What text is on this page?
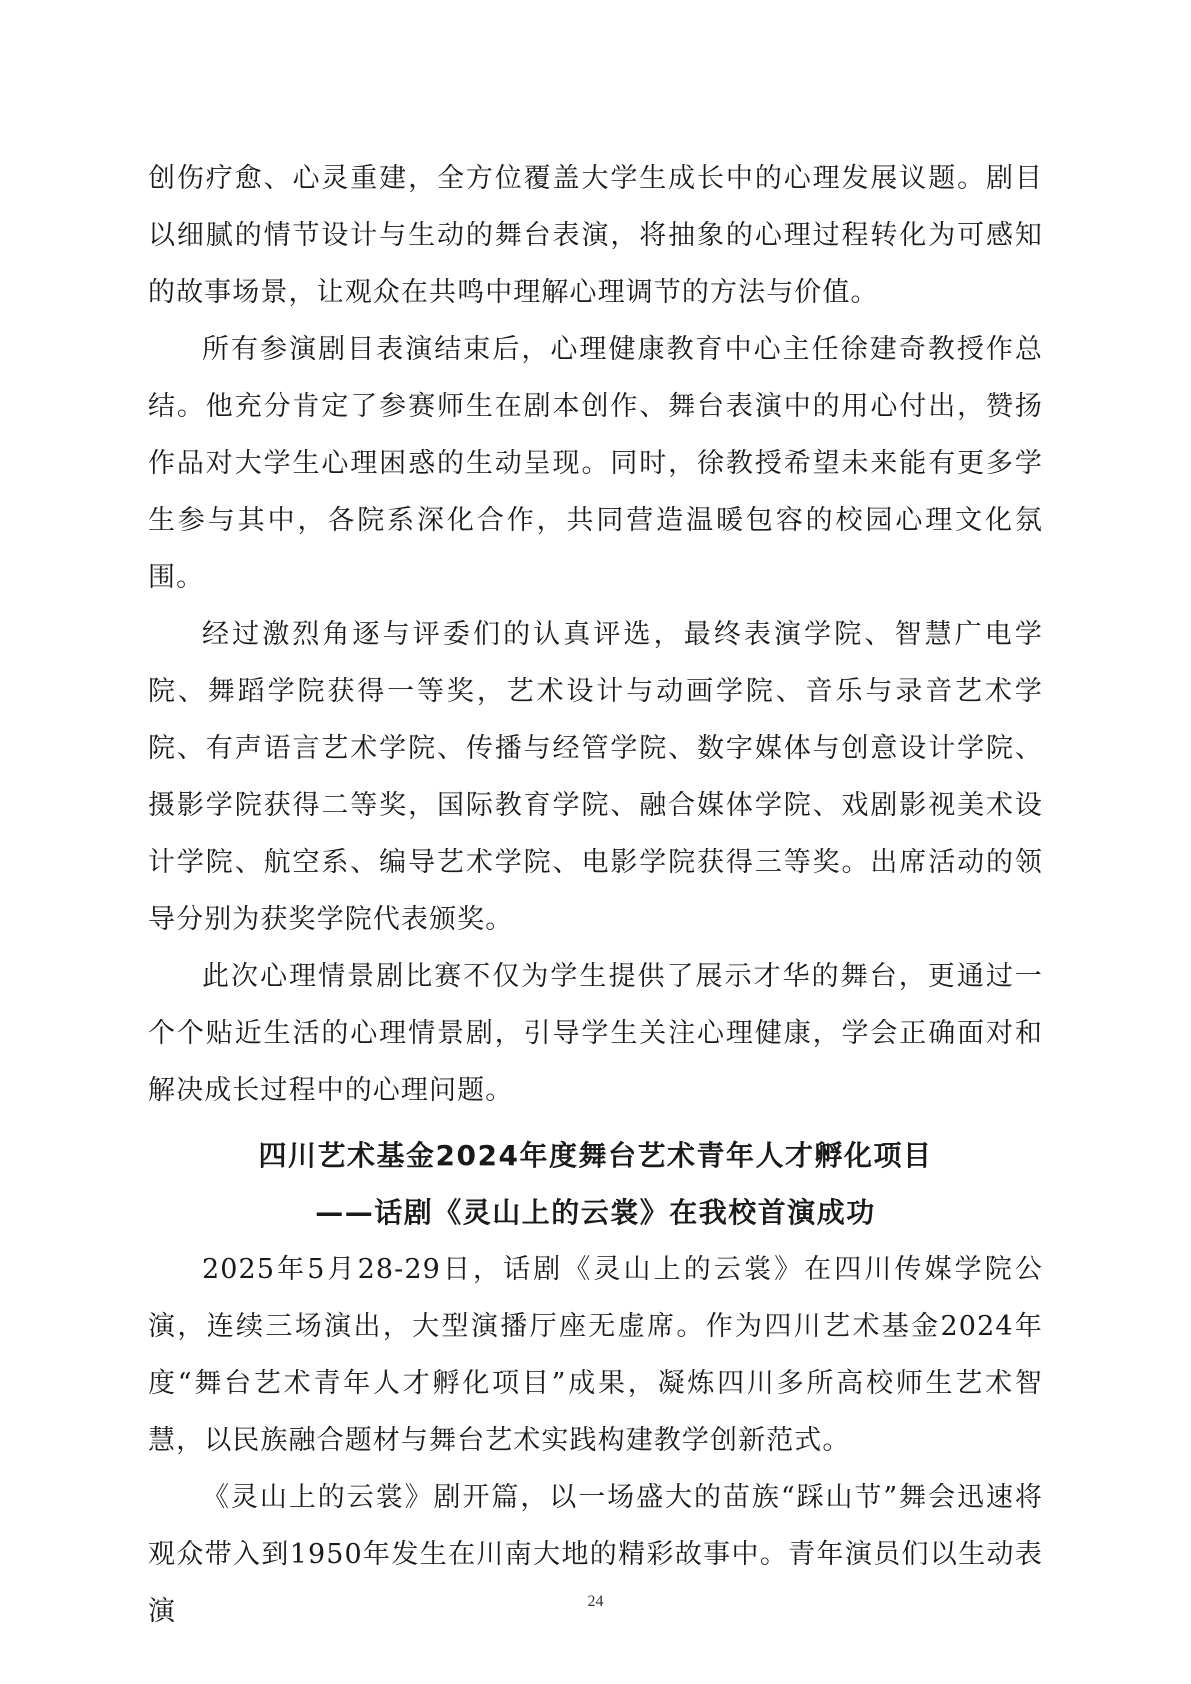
创伤疗愈、心灵重建，全方位覆盖大学生成长中的心理发展议题。剧目以细腻的情节设计与生动的舞台表演，将抽象的心理过程转化为可感知的故事场景，让观众在共鸣中理解心理调节的方法与价值。

所有参演剧目表演结束后，心理健康教育中心主任徐建奇教授作总结。他充分肯定了参赛师生在剧本创作、舞台表演中的用心付出，赞扬作品对大学生心理困惑的生动呈现。同时，徐教授希望未来能有更多学生参与其中，各院系深化合作，共同营造温暖包容的校园心理文化氛围。

经过激烈角逐与评委们的认真评选，最终表演学院、智慧广电学院、舞蹈学院获得一等奖，艺术设计与动画学院、音乐与录音艺术学院、有声语言艺术学院、传播与经管学院、数字媒体与创意设计学院、摄影学院获得二等奖，国际教育学院、融合媒体学院、戏剧影视美术设计学院、航空系、编导艺术学院、电影学院获得三等奖。出席活动的领导分别为获奖学院代表颁奖。

此次心理情景剧比赛不仅为学生提供了展示才华的舞台，更通过一个个贴近生活的心理情景剧，引导学生关注心理健康，学会正确面对和解决成长过程中的心理问题。

四川艺术基金2024年度舞台艺术青年人才孵化项目
——话剧《灵山上的云裳》在我校首演成功

2025年5月28-29日，话剧《灵山上的云裳》在四川传媒学院公演，连续三场演出，大型演播厅座无虚席。作为四川艺术基金2024年度“舞台艺术青年人才孵化项目”成果，凝炼四川多所高校师生艺术智慧，以民族融合题材与舞台艺术实践构建教学创新范式。

《灵山上的云裳》剧开篇，以一场盛大的苗族“踩山节”舞会迅速将观众带入到1950年发生在川南大地的精彩故事中。青年演员们以生动表演	24
